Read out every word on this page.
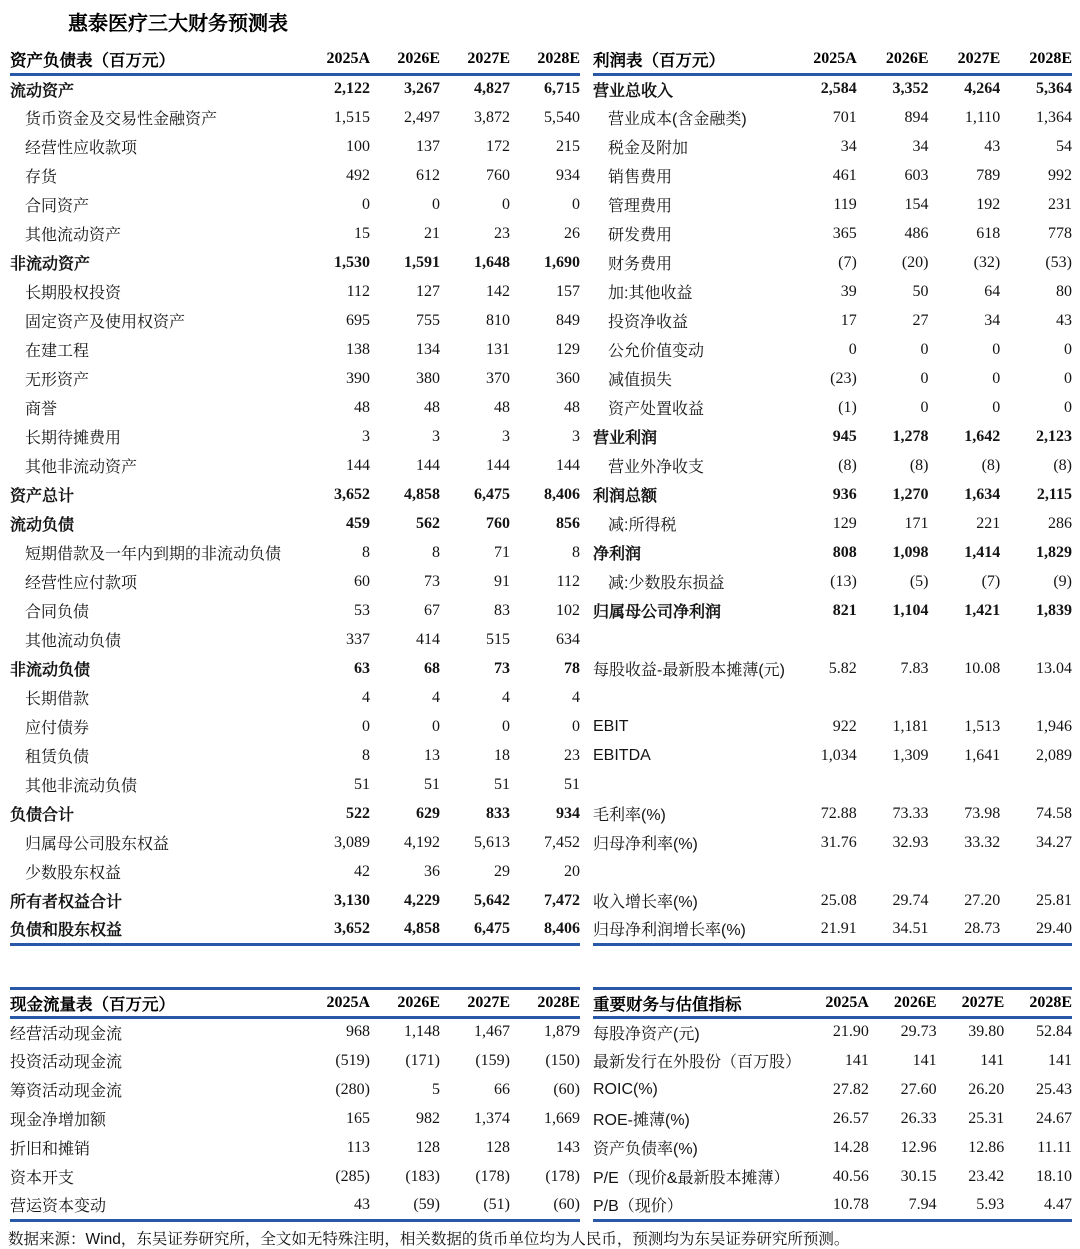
惠泰医疗三大财务预测表
资产负债表（百万元）	2025A	2026E	2027E	2028E
流动资产	2,122	3,267	4,827	6,715
货币资金及交易性金融资产	1,515	2,497	3,872	5,540
经营性应收款项	100	137	172	215
存货	492	612	760	934
合同资产	0	0	0	0
其他流动资产	15	21	23	26
非流动资产	1,530	1,591	1,648	1,690
长期股权投资	112	127	142	157
固定资产及使用权资产	695	755	810	849
在建工程	138	134	131	129
无形资产	390	380	370	360
商誉	48	48	48	48
长期待摊费用	3	3	3	3
其他非流动资产	144	144	144	144
资产总计	3,652	4,858	6,475	8,406
流动负债	459	562	760	856
短期借款及一年内到期的非流动负债	8	8	71	8
经营性应付款项	60	73	91	112
合同负债	53	67	83	102
其他流动负债	337	414	515	634
非流动负债	63	68	73	78
长期借款	4	4	4	4
应付债券	0	0	0	0
租赁负债	8	13	18	23
其他非流动负债	51	51	51	51
负债合计	522	629	833	934
归属母公司股东权益	3,089	4,192	5,613	7,452
少数股东权益	42	36	29	20
所有者权益合计	3,130	4,229	5,642	7,472
负债和股东权益	3,652	4,858	6,475	8,406
利润表（百万元）	2025A	2026E	2027E	2028E
营业总收入	2,584	3,352	4,264	5,364
营业成本(含金融类)	701	894	1,110	1,364
税金及附加	34	34	43	54
销售费用	461	603	789	992
管理费用	119	154	192	231
研发费用	365	486	618	778
财务费用	(7)	(20)	(32)	(53)
加:其他收益	39	50	64	80
投资净收益	17	27	34	43
公允价值变动	0	0	0	0
减值损失	(23)	0	0	0
资产处置收益	(1)	0	0	0
营业利润	945	1,278	1,642	2,123
营业外净收支	(8)	(8)	(8)	(8)
利润总额	936	1,270	1,634	2,115
减:所得税	129	171	221	286
净利润	808	1,098	1,414	1,829
减:少数股东损益	(13)	(5)	(7)	(9)
归属母公司净利润	821	1,104	1,421	1,839

每股收益-最新股本摊薄(元)	5.82	7.83	10.08	13.04

EBIT	922	1,181	1,513	1,946
EBITDA	1,034	1,309	1,641	2,089

毛利率(%)	72.88	73.33	73.98	74.58
归母净利率(%)	31.76	32.93	33.32	34.27

收入增长率(%)	25.08	29.74	27.20	25.81
归母净利润增长率(%)	21.91	34.51	28.73	29.40
现金流量表（百万元）	2025A	2026E	2027E	2028E
经营活动现金流	968	1,148	1,467	1,879
投资活动现金流	(519)	(171)	(159)	(150)
筹资活动现金流	(280)	5	66	(60)
现金净增加额	165	982	1,374	1,669
折旧和摊销	113	128	128	143
资本开支	(285)	(183)	(178)	(178)
营运资本变动	43	(59)	(51)	(60)
重要财务与估值指标	2025A	2026E	2027E	2028E
每股净资产(元)	21.90	29.73	39.80	52.84
最新发行在外股份（百万股）	141	141	141	141
ROIC(%)	27.82	27.60	26.20	25.43
ROE-摊薄(%)	26.57	26.33	25.31	24.67
资产负债率(%)	14.28	12.96	12.86	11.11
P/E（现价&最新股本摊薄）	40.56	30.15	23.42	18.10
P/B（现价）	10.78	7.94	5.93	4.47

数据来源：Wind，东吴证券研究所，全文如无特殊注明，相关数据的货币单位均为人民币，预测均为东吴证券研究所预测。
